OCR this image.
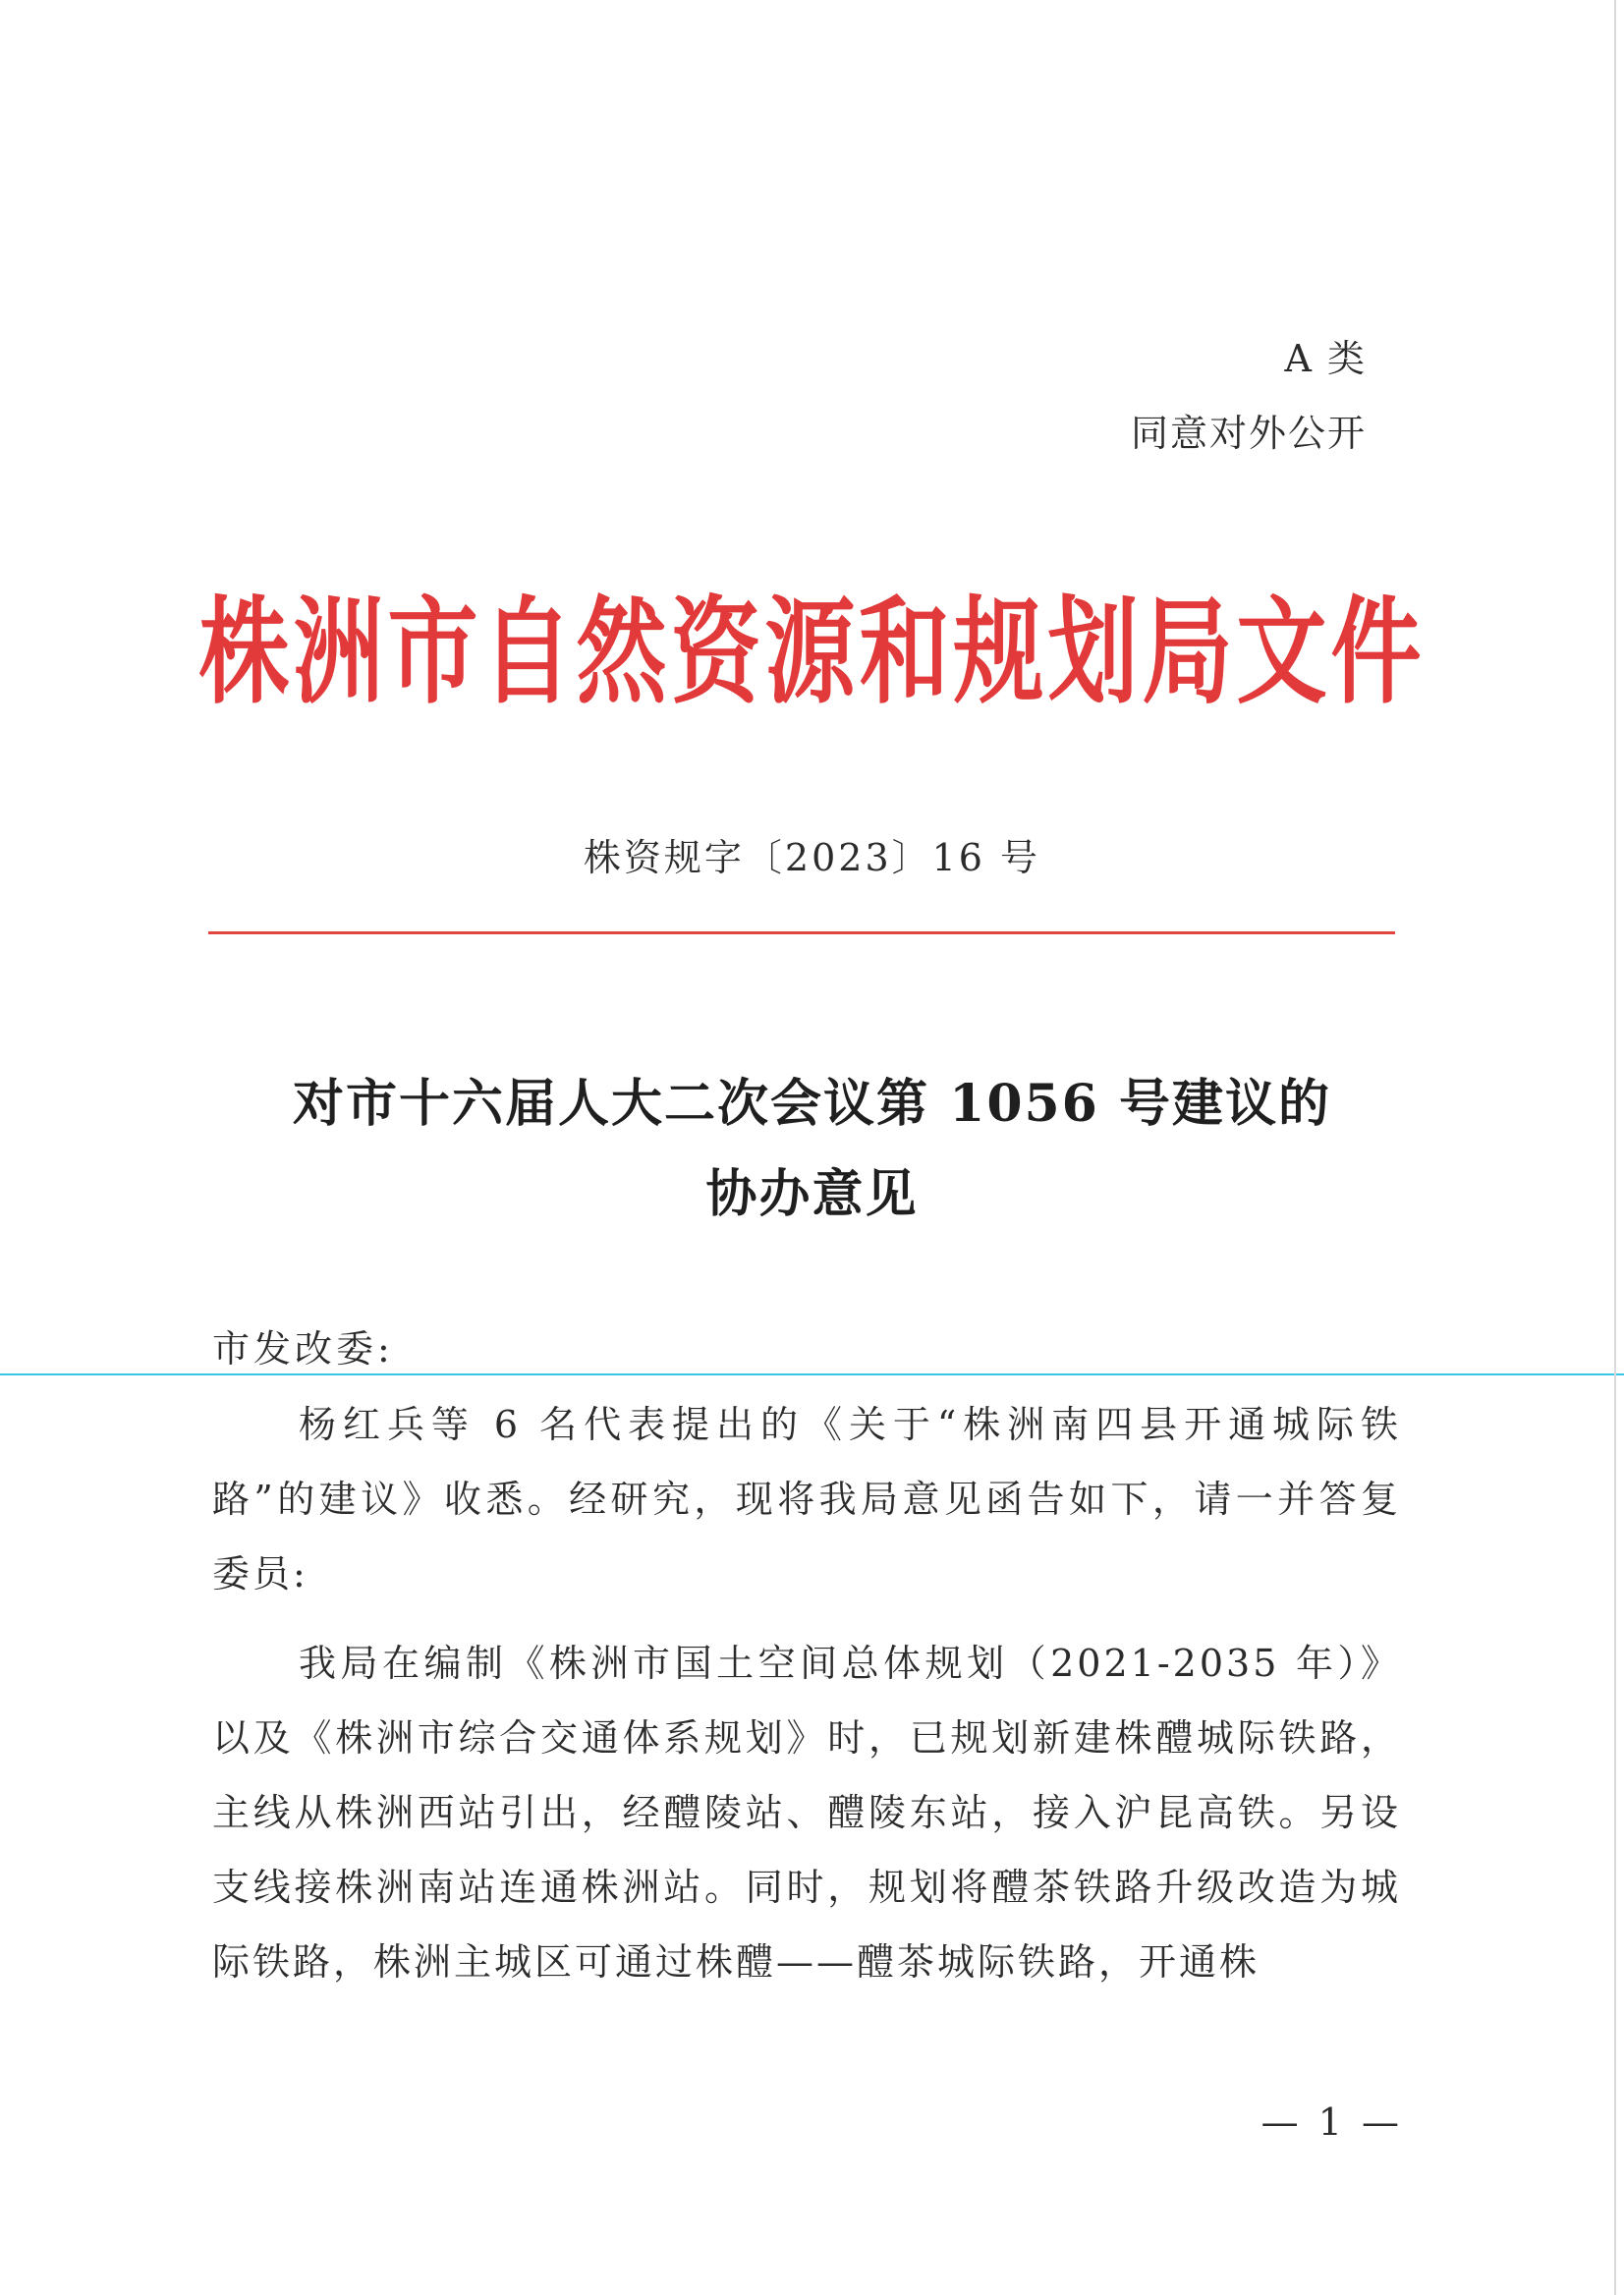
A 类
同意对外公开
株洲市自然资源和规划局文件
株资规字〔2023〕16 号
对市十六届人大二次会议第 1056 号建议的
协办意见
市发改委:

杨红兵等 6 名代表提出的《关于“株洲南四县开通城际铁路”的建议》收悉。经研究，现将我局意见函告如下，请一并答复委员:

我局在编制《株洲市国土空间总体规划（2021-2035 年）》以及《株洲市综合交通体系规划》时，已规划新建株醴城际铁路，主线从株洲西站引出，经醴陵站、醴陵东站，接入沪昆高铁。另设支线接株洲南站连通株洲站。同时，规划将醴茶铁路升级改造为城际铁路，株洲主城区可通过株醴——醴茶城际铁路，开通株

— 1 —
